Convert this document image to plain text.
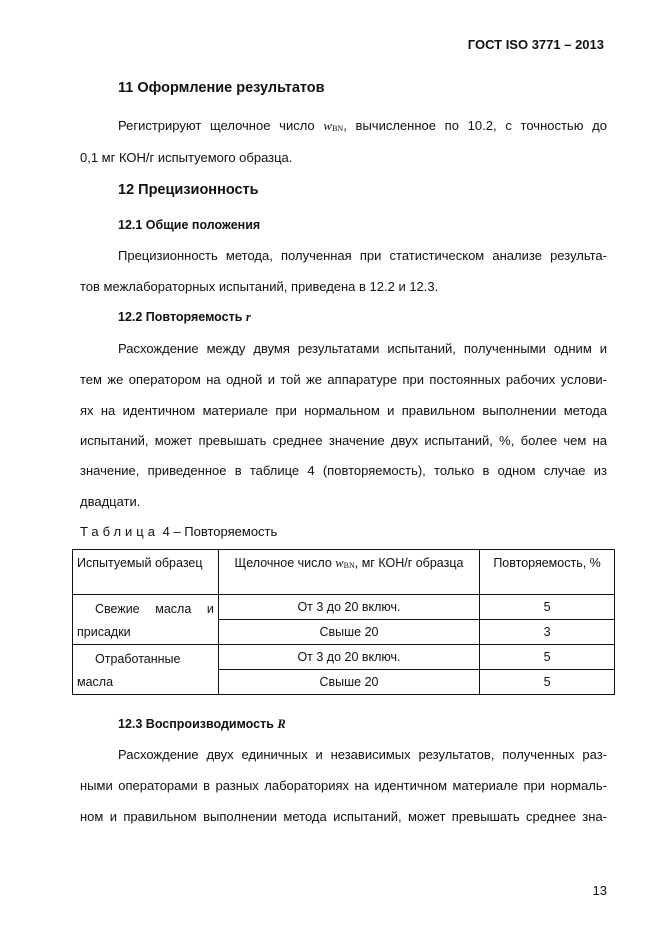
ГОСТ ISO 3771 – 2013
11 Оформление результатов
Регистрируют щелочное число wBN, вычисленное по 10.2, с точностью до
0,1 мг КОН/г испытуемого образца.
12 Прецизионность
12.1 Общие положения
Прецизионность метода, полученная при статистическом анализе результа-
тов межлабораторных испытаний, приведена в 12.2 и 12.3.
12.2 Повторяемость r
Расхождение между двумя результатами испытаний, полученными одним и
тем же оператором на одной и той же аппаратуре при постоянных рабочих услови-
ях на идентичном материале при нормальном и правильном выполнении метода
испытаний, может превышать среднее значение двух испытаний, %, более чем на
значение, приведенное в таблице 4 (повторяемость), только в одном случае из
двадцати.
Таблица 4 – Повторяемость
Испытуемый образец	Щелочное число wBN, мг КОН/г образца	Повторяемость, %

Свежие масла и
присадки	От 3 до 20 включ.	5
	Свыше 20	3

Отработанные
масла	От 3 до 20 включ.	5
	Свыше 20	5
12.3 Воспроизводимость R
Расхождение двух единичных и независимых результатов, полученных раз-
ными операторами в разных лабораториях на идентичном материале при нормаль-
ном и правильном выполнении метода испытаний, может превышать среднее зна-
13
